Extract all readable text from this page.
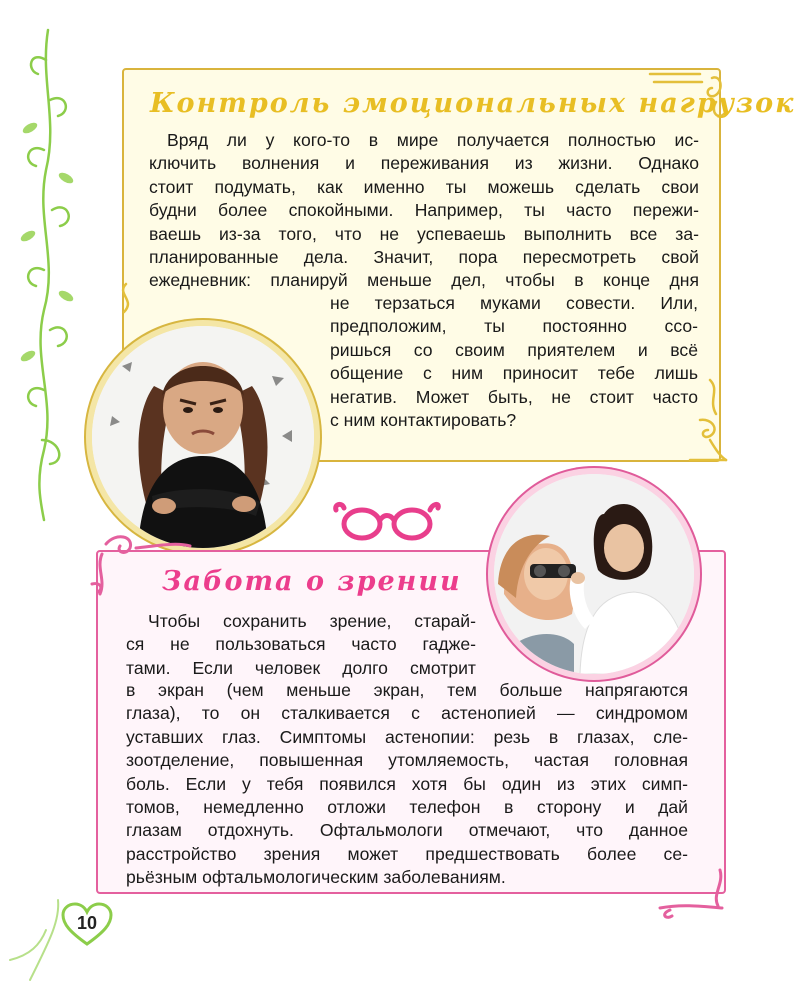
Контроль эмоциональных нагрузок
Вряд ли у кого-то в мире получается полностью ис-
ключить волнения и переживания из жизни. Однако
стоит подумать, как именно ты можешь сделать свои
будни более спокойными. Например, ты часто пережи-
ваешь из-за того, что не успеваешь выполнить все за-
планированные дела. Значит, пора пересмотреть свой
ежедневник: планируй меньше дел, чтобы в конце дня
не терзаться муками совести. Или,
предположим, ты постоянно ссо-
ришься со своим приятелем и всё
общение с ним приносит тебе лишь
негатив. Может быть, не стоит часто
с ним контактировать?
Забота о зрении
Чтобы сохранить зрение, старай-
ся не пользоваться часто гадже-
тами. Если человек долго смотрит
в экран (чем меньше экран, тем больше напрягаются
глаза), то он сталкивается с астенопией — синдромом
уставших глаз. Симптомы астенопии: резь в глазах, сле-
зоотделение, повышенная утомляемость, частая головная
боль. Если у тебя появился хотя бы один из этих симп-
томов, немедленно отложи телефон в сторону и дай
глазам отдохнуть. Офтальмологи отмечают, что данное
расстройство зрения может предшествовать более се-
рьёзным офтальмологическим заболеваниям.
10
